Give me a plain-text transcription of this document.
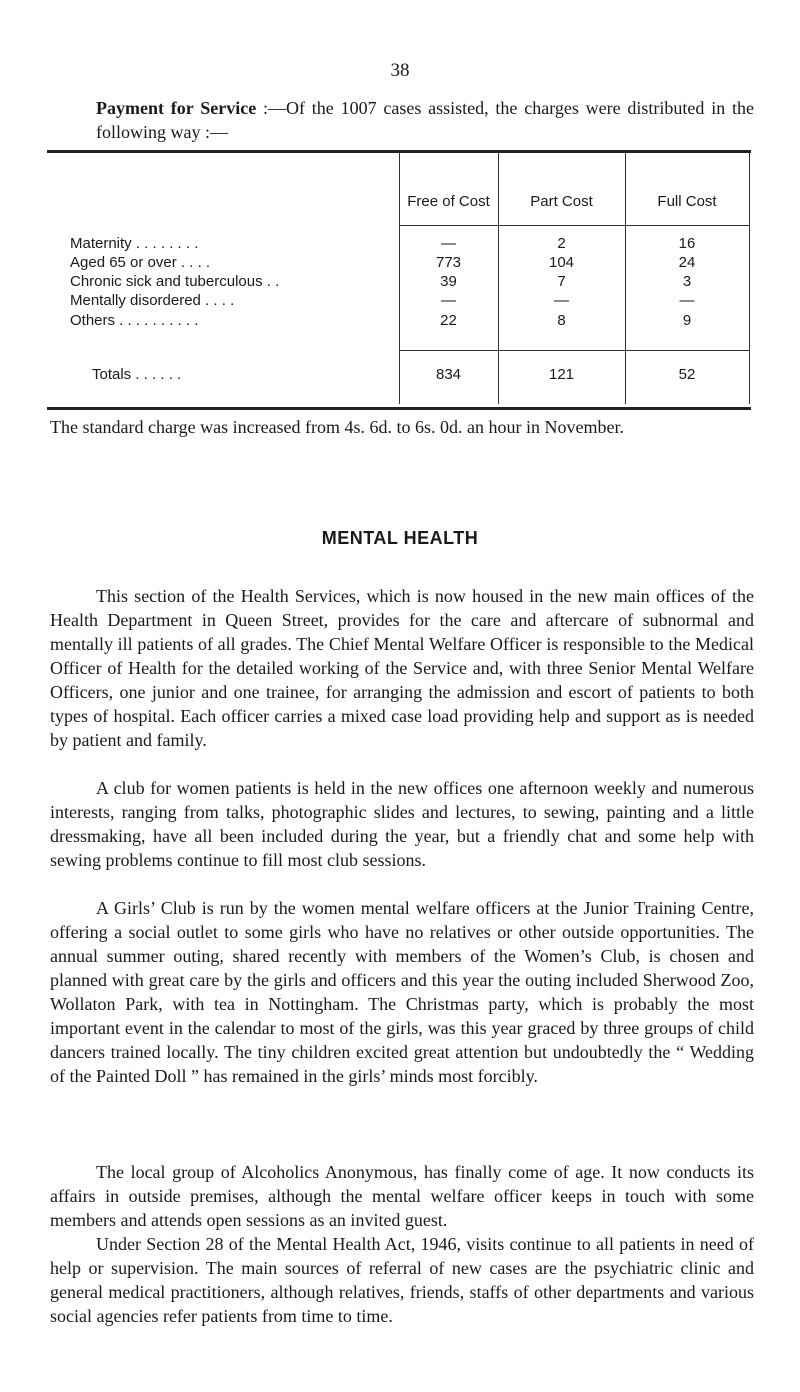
38
Payment for Service :—Of the 1007 cases assisted, the charges were distributed in the following way :—
Free of Cost	Part Cost	Full Cost
Maternity . . . . . . . .	—	2	16
Aged 65 or over . . . .	773	104	24
Chronic sick and tuberculous . .	39	7	3
Mentally disordered . . . .	—	—	—
Others . . . . . . . . . .	22	8	9
Totals . . . . . .	834	121	52
The standard charge was increased from 4s. 6d. to 6s. 0d. an hour in November.
MENTAL HEALTH

This section of the Health Services, which is now housed in the new main offices of the Health Department in Queen Street, provides for the care and aftercare of subnormal and mentally ill patients of all grades. The Chief Mental Welfare Officer is responsible to the Medical Officer of Health for the detailed working of the Service and, with three Senior Mental Welfare Officers, one junior and one trainee, for arranging the admission and escort of patients to both types of hospital. Each officer carries a mixed case load providing help and support as is needed by patient and family.

A club for women patients is held in the new offices one afternoon weekly and numerous interests, ranging from talks, photographic slides and lectures, to sewing, painting and a little dressmaking, have all been included during the year, but a friendly chat and some help with sewing problems continue to fill most club sessions.

A Girls’ Club is run by the women mental welfare officers at the Junior Training Centre, offering a social outlet to some girls who have no relatives or other outside opportunities. The annual summer outing, shared recently with members of the Women’s Club, is chosen and planned with great care by the girls and officers and this year the outing included Sherwood Zoo, Wollaton Park, with tea in Nottingham. The Christmas party, which is probably the most important event in the calendar to most of the girls, was this year graced by three groups of child dancers trained locally. The tiny children excited great attention but undoubtedly the “ Wedding of the Painted Doll ” has remained in the girls’ minds most forcibly.

The local group of Alcoholics Anonymous, has finally come of age. It now conducts its affairs in outside premises, although the mental welfare officer keeps in touch with some members and attends open sessions as an invited guest.

Under Section 28 of the Mental Health Act, 1946, visits continue to all patients in need of help or supervision. The main sources of referral of new cases are the psychiatric clinic and general medical practitioners, although relatives, friends, staffs of other departments and various social agencies refer patients from time to time.
